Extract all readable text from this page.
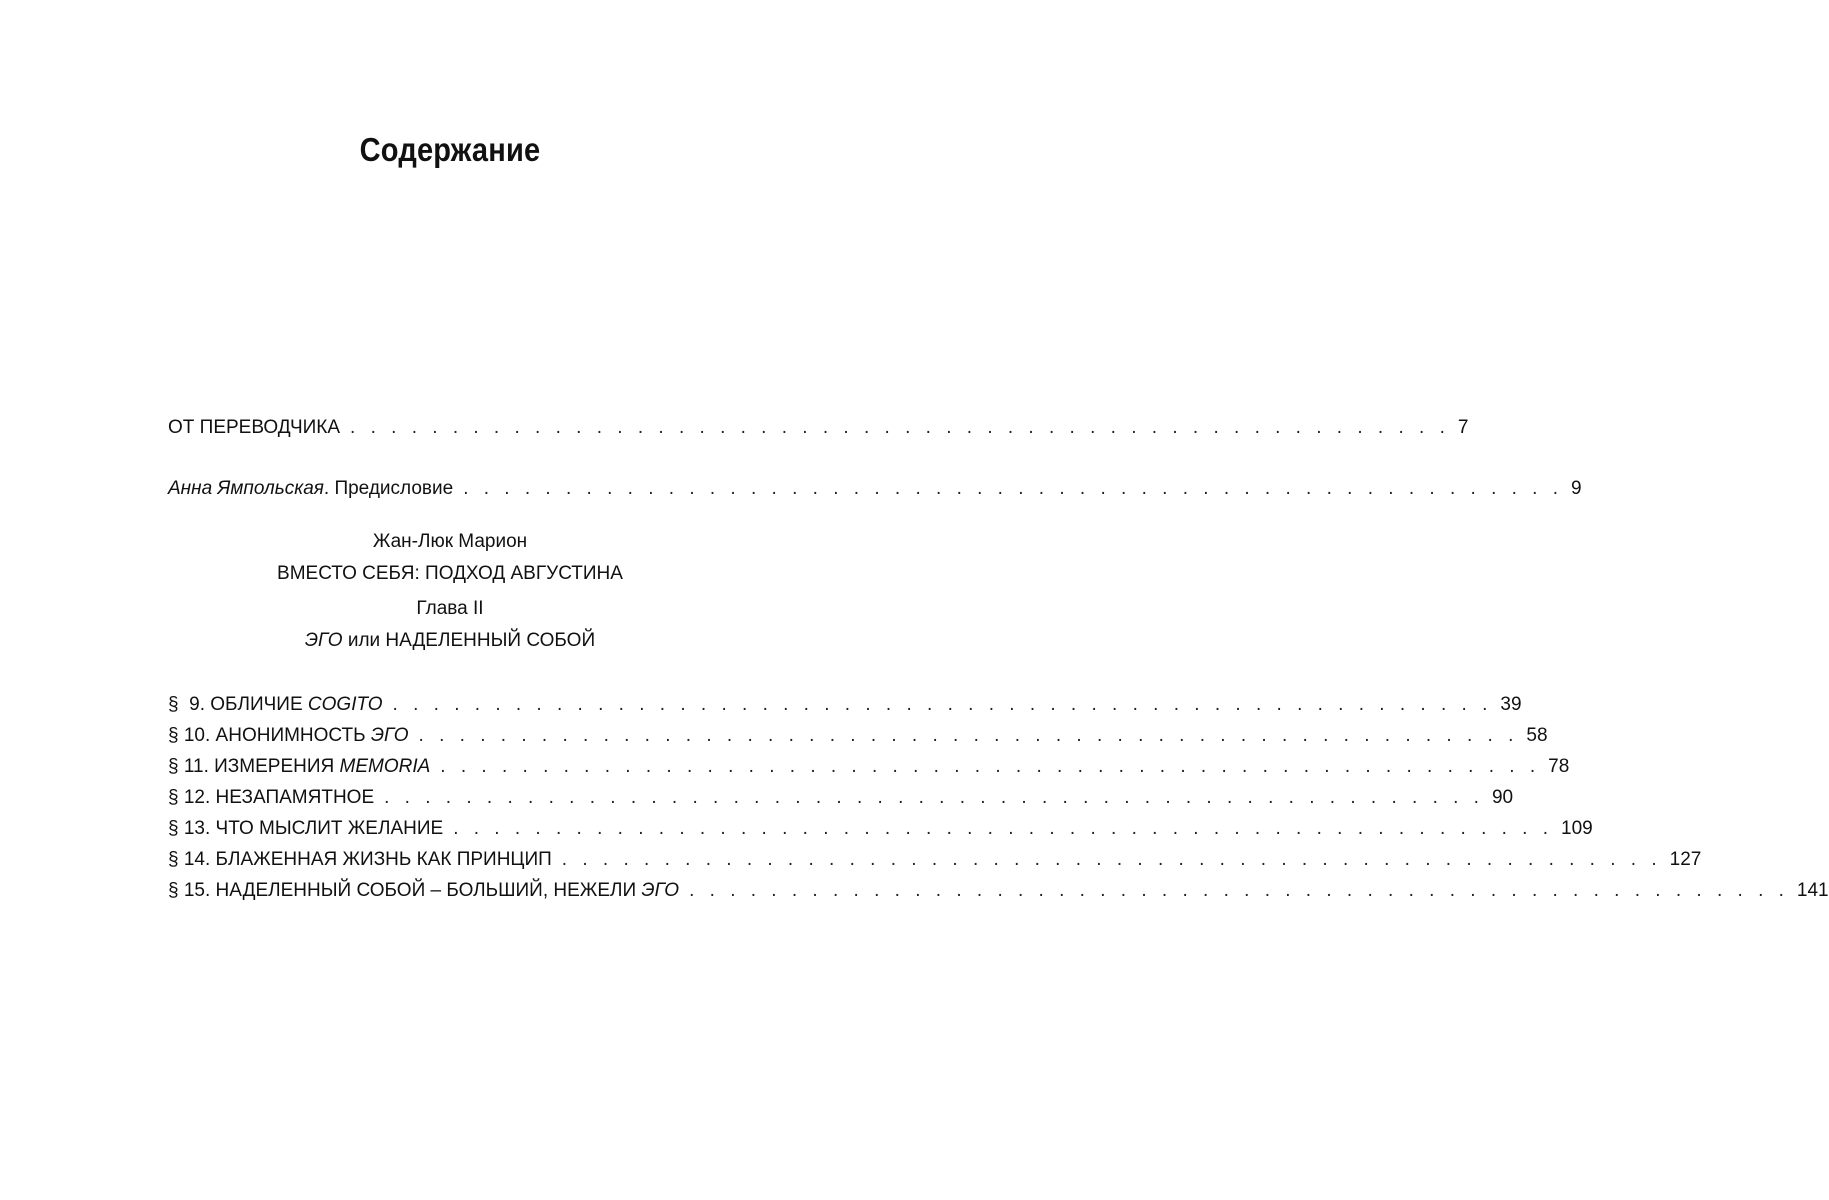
Содержание
ОТ ПЕРЕВОДЧИКА . . . . . . . . . . . . . . . . . . . . . . . . . . . . . . . . . . . . . . . . . . . . . . . . . . . . . . 7
Анна Ямпольская. Предисловие . . . . . . . . . . . . . . . . . . . . . . . . . . . . . . . . . . . . . . . . . . . . . . . . . . . . . . 9
Жан-Люк Марион
ВМЕСТО СЕБЯ: ПОДХОД АВГУСТИНА
Глава II
ЭГО или НАДЕЛЕННЫЙ СОБОЙ
§  9. ОБЛИЧИЕ COGITO . . . . . . . . . . . . . . . . . . . . . . . . . . . . . . . . . . . . . . . . . . . . . . . . . . . . . . 39
§ 10. АНОНИМНОСТЬ ЭГО . . . . . . . . . . . . . . . . . . . . . . . . . . . . . . . . . . . . . . . . . . . . . . . . . . . . . . 58
§ 11. ИЗМЕРЕНИЯ MEMORIA . . . . . . . . . . . . . . . . . . . . . . . . . . . . . . . . . . . . . . . . . . . . . . . . . . . . . . 78
§ 12. НЕЗАПАМЯТНОЕ . . . . . . . . . . . . . . . . . . . . . . . . . . . . . . . . . . . . . . . . . . . . . . . . . . . . . . 90
§ 13. ЧТО МЫСЛИТ ЖЕЛАНИЕ . . . . . . . . . . . . . . . . . . . . . . . . . . . . . . . . . . . . . . . . . . . . . . . . . . . . . . 109
§ 14. БЛАЖЕННАЯ ЖИЗНЬ КАК ПРИНЦИП . . . . . . . . . . . . . . . . . . . . . . . . . . . . . . . . . . . . . . . . . . . . . . . . . . . . . . 127
§ 15. НАДЕЛЕННЫЙ СОБОЙ – БОЛЬШИЙ, НЕЖЕЛИ ЭГО . . . . . . . . . . . . . . . . . . . . . . . . . . . . . . . . . . . . . . . . . . . . . . . . . . . . . . 141
